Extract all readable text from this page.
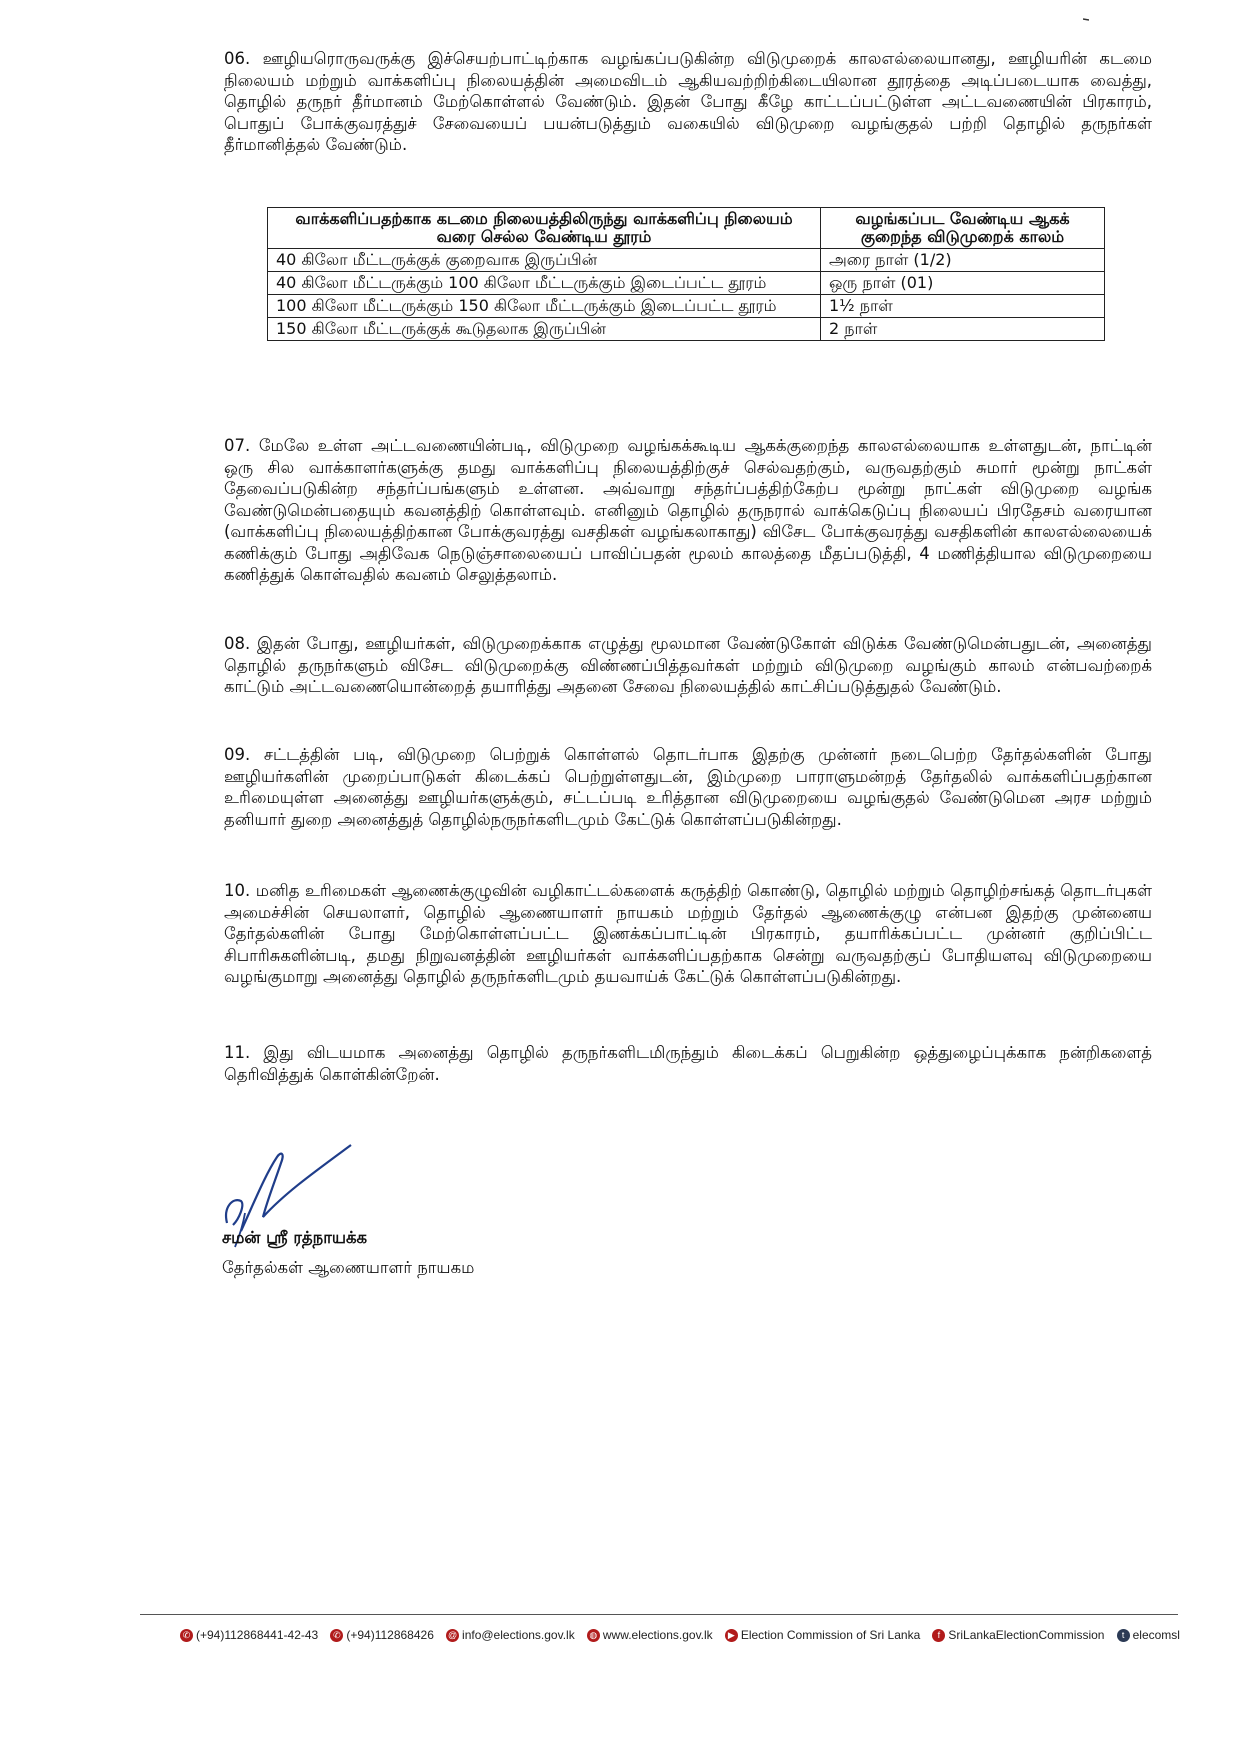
06. ஊழியரொருவருக்கு இச்செயற்பாட்டிற்காக வழங்கப்படுகின்ற விடுமுறைக் காலஎல்லையானது, ஊழியரின் கடமை நிலையம் மற்றும் வாக்களிப்பு நிலையத்தின் அமைவிடம் ஆகியவற்றிற்கிடையிலான தூரத்தை அடிப்படையாக வைத்து, தொழில் தருநர் தீர்மானம் மேற்கொள்ளல் வேண்டும். இதன் போது கீழே காட்டப்பட்டுள்ள அட்டவணையின் பிரகாரம், பொதுப் போக்குவரத்துச் சேவையைப் பயன்படுத்தும் வகையில் விடுமுறை வழங்குதல் பற்றி தொழில் தருநர்கள் தீர்மானித்தல் வேண்டும்.

வாக்களிப்பதற்காக கடமை நிலையத்திலிருந்து வாக்களிப்பு நிலையம் வரை செல்ல வேண்டிய தூரம்	வழங்கப்பட வேண்டிய ஆகக் குறைந்த விடுமுறைக் காலம்
40 கிலோ மீட்டருக்குக் குறைவாக இருப்பின்	அரை நாள் (1/2)
40 கிலோ மீட்டருக்கும் 100 கிலோ மீட்டருக்கும் இடைப்பட்ட தூரம்	ஒரு நாள் (01)
100 கிலோ மீட்டருக்கும் 150 கிலோ மீட்டருக்கும் இடைப்பட்ட தூரம்	1½ நாள்
150 கிலோ மீட்டருக்குக் கூடுதலாக இருப்பின்	2 நாள்

07. மேலே உள்ள அட்டவணையின்படி, விடுமுறை வழங்கக்கூடிய ஆகக்குறைந்த காலஎல்லையாக உள்ளதுடன், நாட்டின் ஒரு சில வாக்காளர்களுக்கு தமது வாக்களிப்பு நிலையத்திற்குச் செல்வதற்கும், வருவதற்கும் சுமார் மூன்று நாட்கள் தேவைப்படுகின்ற சந்தர்ப்பங்களும் உள்ளன. அவ்வாறு சந்தர்ப்பத்திற்கேற்ப மூன்று நாட்கள் விடுமுறை வழங்க வேண்டுமென்பதையும் கவனத்திற் கொள்ளவும். எனினும் தொழில் தருநரால் வாக்கெடுப்பு நிலையப் பிரதேசம் வரையான (வாக்களிப்பு நிலையத்திற்கான போக்குவரத்து வசதிகள் வழங்கலாகாது) விசேட போக்குவரத்து வசதிகளின் காலஎல்லையைக் கணிக்கும் போது அதிவேக நெடுஞ்சாலையைப் பாவிப்பதன் மூலம் காலத்தை மீதப்படுத்தி, 4 மணித்தியால விடுமுறையை கணித்துக் கொள்வதில் கவனம் செலுத்தலாம்.

08. இதன் போது, ஊழியர்கள், விடுமுறைக்காக எழுத்து மூலமான வேண்டுகோள் விடுக்க வேண்டுமென்பதுடன், அனைத்து தொழில் தருநர்களும் விசேட விடுமுறைக்கு விண்ணப்பித்தவர்கள் மற்றும் விடுமுறை வழங்கும் காலம் என்பவற்றைக் காட்டும் அட்டவணையொன்றைத் தயாரித்து அதனை சேவை நிலையத்தில் காட்சிப்படுத்துதல் வேண்டும்.

09. சட்டத்தின் படி, விடுமுறை பெற்றுக் கொள்ளல் தொடர்பாக இதற்கு முன்னர் நடைபெற்ற தேர்தல்களின் போது ஊழியர்களின் முறைப்பாடுகள் கிடைக்கப் பெற்றுள்ளதுடன், இம்முறை பாராளுமன்றத் தேர்தலில் வாக்களிப்பதற்கான உரிமையுள்ள அனைத்து ஊழியர்களுக்கும், சட்டப்படி உரித்தான விடுமுறையை வழங்குதல் வேண்டுமென அரச மற்றும் தனியார் துறை அனைத்துத் தொழில்நருநர்களிடமும் கேட்டுக் கொள்ளப்படுகின்றது.

10. மனித உரிமைகள் ஆணைக்குழுவின் வழிகாட்டல்களைக் கருத்திற் கொண்டு, தொழில் மற்றும் தொழிற்சங்கத் தொடர்புகள் அமைச்சின் செயலாளர், தொழில் ஆணையாளர் நாயகம் மற்றும் தேர்தல் ஆணைக்குழு என்பன இதற்கு முன்னைய தேர்தல்களின் போது மேற்கொள்ளப்பட்ட இணக்கப்பாட்டின் பிரகாரம், தயாரிக்கப்பட்ட முன்னர் குறிப்பிட்ட சிபாரிசுகளின்படி, தமது நிறுவனத்தின் ஊழியர்கள் வாக்களிப்பதற்காக சென்று வருவதற்குப் போதியளவு விடுமுறையை வழங்குமாறு அனைத்து தொழில் தருநர்களிடமும் தயவாய்க் கேட்டுக் கொள்ளப்படுகின்றது.

11. இது விடயமாக அனைத்து தொழில் தருநர்களிடமிருந்தும் கிடைக்கப் பெறுகின்ற ஒத்துழைப்புக்காக நன்றிகளைத் தெரிவித்துக் கொள்கின்றேன்.

சமன் ஸ்ரீ ரத்நாயக்க
தேர்தல்கள் ஆணையாளர் நாயகம
✆ (+94)112868441-42-43	✆ (+94)112868426 @ info@elections.gov.lk ◍ www.elections.gov.lk	▶ Election Commission of Sri Lanka	f SriLankaElectionCommission	t elecomsl
